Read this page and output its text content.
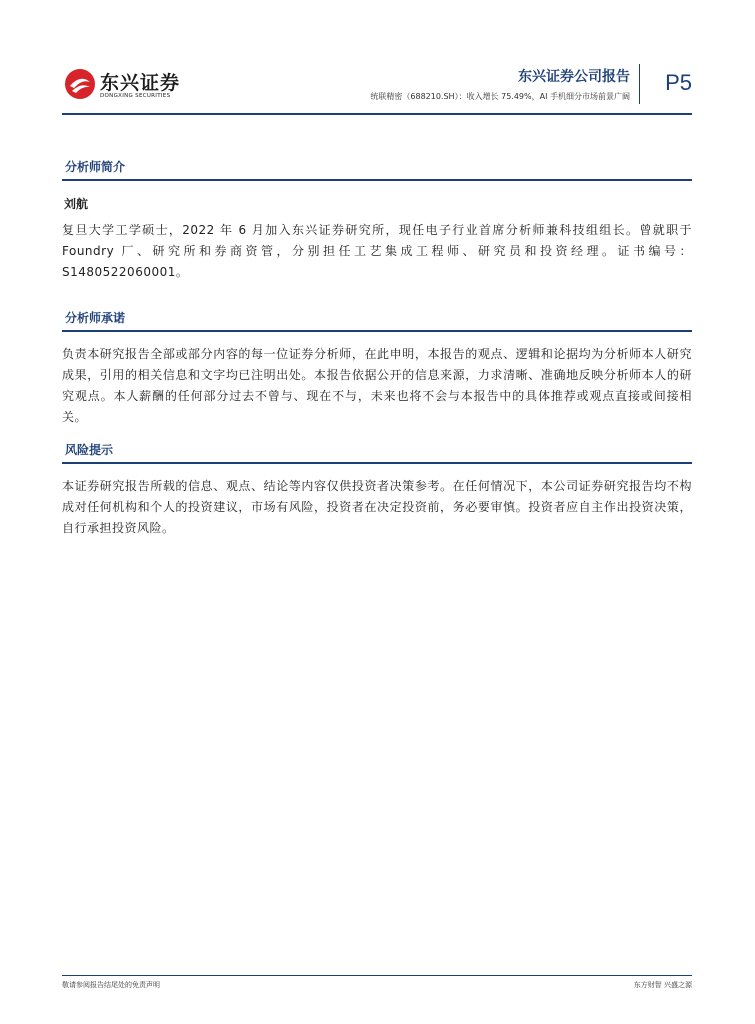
东兴证券
DONGXING SECURITIES
东兴证券公司报告
统联精密（688210.SH）：收入增长 75.49%，AI 手机细分市场前景广阔
P5
分析师简介
刘航
复旦大学工学硕士，2022 年 6 月加入东兴证券研究所，现任电子行业首席分析师兼科技组组长。曾就职于 Foundry 厂、研究所和券商资管，分别担任工艺集成工程师、研究员和投资经理。证书编号：S1480522060001。
分析师承诺
负责本研究报告全部或部分内容的每一位证券分析师，在此申明，本报告的观点、逻辑和论据均为分析师本人研究成果，引用的相关信息和文字均已注明出处。本报告依据公开的信息来源，力求清晰、准确地反映分析师本人的研究观点。本人薪酬的任何部分过去不曾与、现在不与，未来也将不会与本报告中的具体推荐或观点直接或间接相关。
风险提示
本证券研究报告所载的信息、观点、结论等内容仅供投资者决策参考。在任何情况下，本公司证券研究报告均不构成对任何机构和个人的投资建议，市场有风险，投资者在决定投资前，务必要审慎。投资者应自主作出投资决策，自行承担投资风险。
敬请参阅报告结尾处的免责声明	东方财智 兴盛之源
